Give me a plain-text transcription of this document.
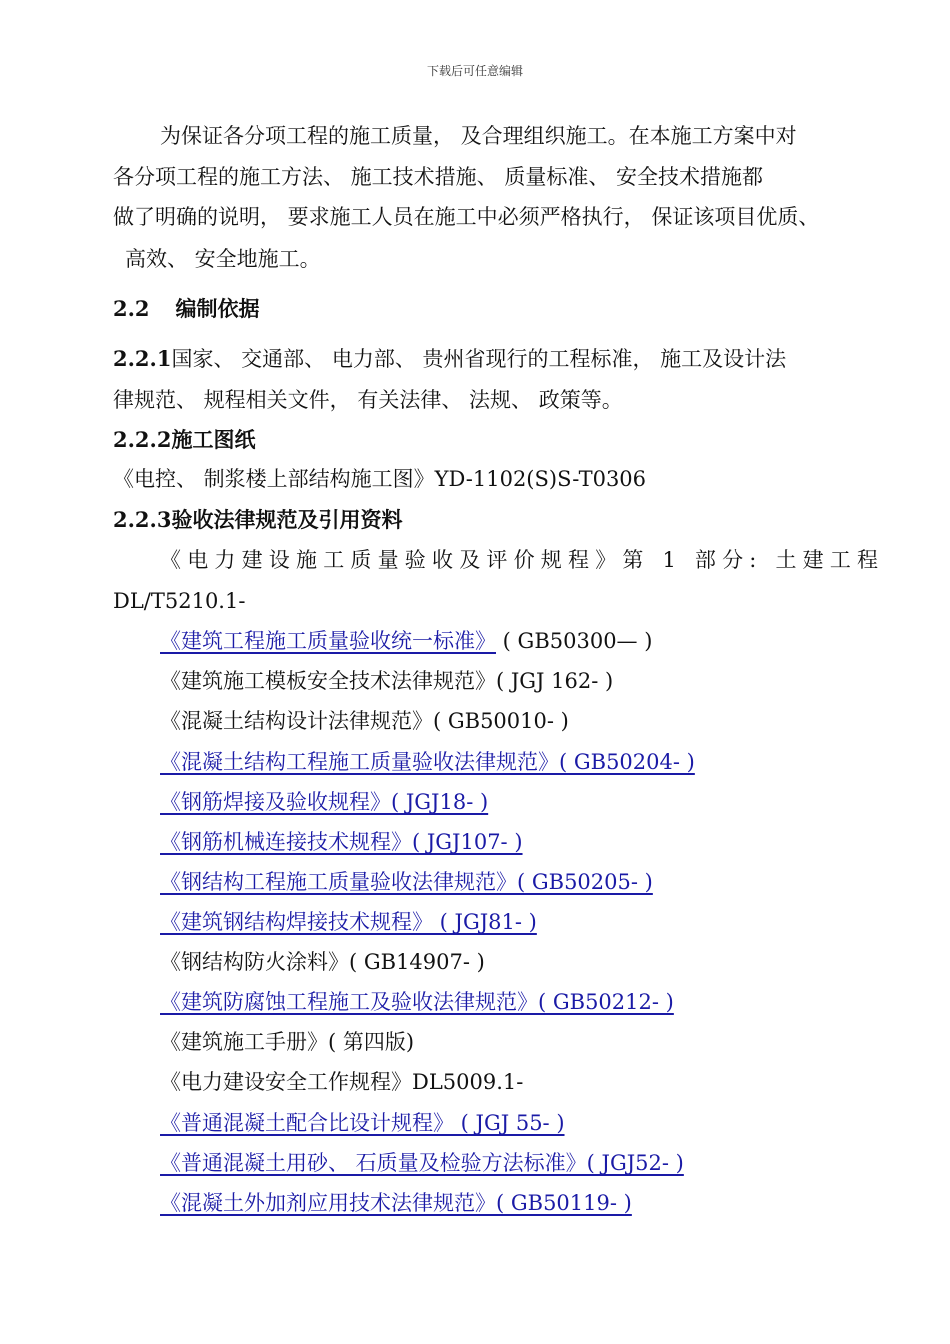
下载后可任意编辑
为保证各分项工程的施工质量， 及合理组织施工。在本施工方案中对
各分项工程的施工方法、 施工技术措施、 质量标准、 安全技术措施都
做了明确的说明， 要求施工人员在施工中必须严格执行， 保证该项目优质、
高效、 安全地施工。
2.2 编制依据
2.2.1国家、 交通部、 电力部、 贵州省现行的工程标准， 施工及设计法
律规范、 规程相关文件， 有关法律、 法规、 政策等。
2.2.2施工图纸
《电控、 制浆楼上部结构施工图》YD-1102(S)S-T0306
2.2.3验收法律规范及引用资料
《电力建设施工质量验收及评价规程》第 1 部分: 土建工程
DL/T5210.1-
《建筑工程施工质量验收统一标准》 ( GB50300— )
《建筑施工模板安全技术法律规范》( JGJ 162- )
《混凝土结构设计法律规范》( GB50010- )
《混凝土结构工程施工质量验收法律规范》( GB50204- )
《钢筋焊接及验收规程》( JGJ18- )
《钢筋机械连接技术规程》( JGJ107- )
《钢结构工程施工质量验收法律规范》( GB50205- )
《建筑钢结构焊接技术规程》 ( JGJ81- )
《钢结构防火涂料》( GB14907- )
《建筑防腐蚀工程施工及验收法律规范》( GB50212- )
《建筑施工手册》( 第四版)
《电力建设安全工作规程》DL5009.1-
《普通混凝土配合比设计规程》 ( JGJ 55- )
《普通混凝土用砂、 石质量及检验方法标准》( JGJ52- )
《混凝土外加剂应用技术法律规范》( GB50119- )
